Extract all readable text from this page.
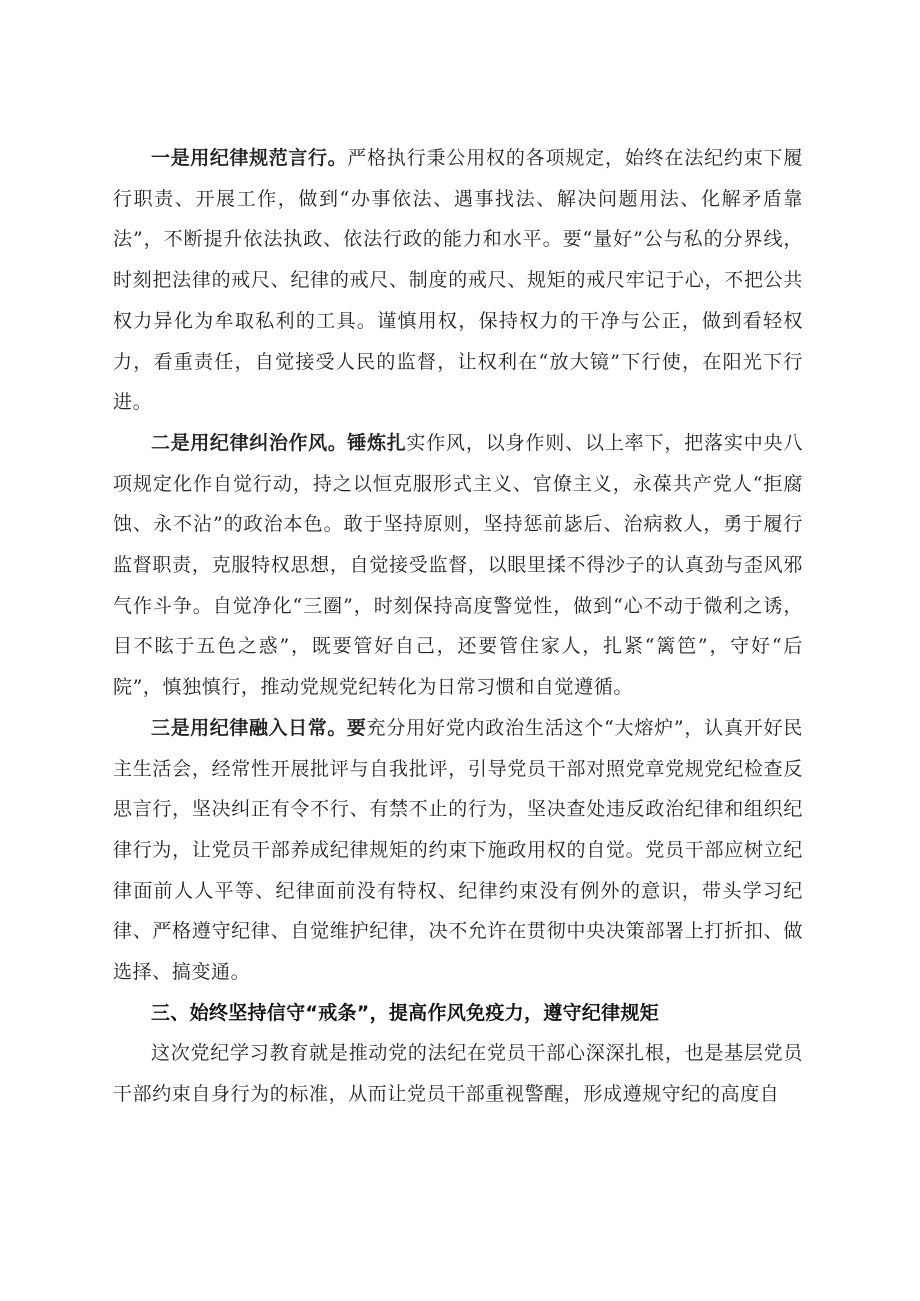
一是用纪律规范言行。严格执行秉公用权的各项规定，始终在法纪约束下履行职责、开展工作，做到“办事依法、遇事找法、解决问题用法、化解矛盾靠法”，不断提升依法执政、依法行政的能力和水平。要“量好”公与私的分界线，时刻把法律的戒尺、纪律的戒尺、制度的戒尺、规矩的戒尺牢记于心，不把公共权力异化为牟取私利的工具。谨慎用权，保持权力的干净与公正，做到看轻权力，看重责任，自觉接受人民的监督，让权利在“放大镜”下行使，在阳光下行进。

二是用纪律纠治作风。锤炼扎实作风，以身作则、以上率下，把落实中央八项规定化作自觉行动，持之以恒克服形式主义、官僚主义，永葆共产党人“拒腐蚀、永不沾”的政治本色。敢于坚持原则，坚持惩前毖后、治病救人，勇于履行监督职责，克服特权思想，自觉接受监督，以眼里揉不得沙子的认真劲与歪风邪气作斗争。自觉净化“三圈”，时刻保持高度警觉性，做到“心不动于微利之诱，目不眩于五色之惑”，既要管好自己，还要管住家人，扎紧“篱笆”，守好“后院”，慎独慎行，推动党规党纪转化为日常习惯和自觉遵循。

三是用纪律融入日常。要充分用好党内政治生活这个“大熔炉”，认真开好民主生活会，经常性开展批评与自我批评，引导党员干部对照党章党规党纪检查反思言行，坚决纠正有令不行、有禁不止的行为，坚决查处违反政治纪律和组织纪律行为，让党员干部养成纪律规矩的约束下施政用权的自觉。党员干部应树立纪律面前人人平等、纪律面前没有特权、纪律约束没有例外的意识，带头学习纪律、严格遵守纪律、自觉维护纪律，决不允许在贯彻中央决策部署上打折扣、做选择、搞变通。

三、始终坚持信守“戒条”，提高作风免疫力，遵守纪律规矩

这次党纪学习教育就是推动党的法纪在党员干部心深深扎根，也是基层党员干部约束自身行为的标准，从而让党员干部重视警醒，形成遵规守纪的高度自
